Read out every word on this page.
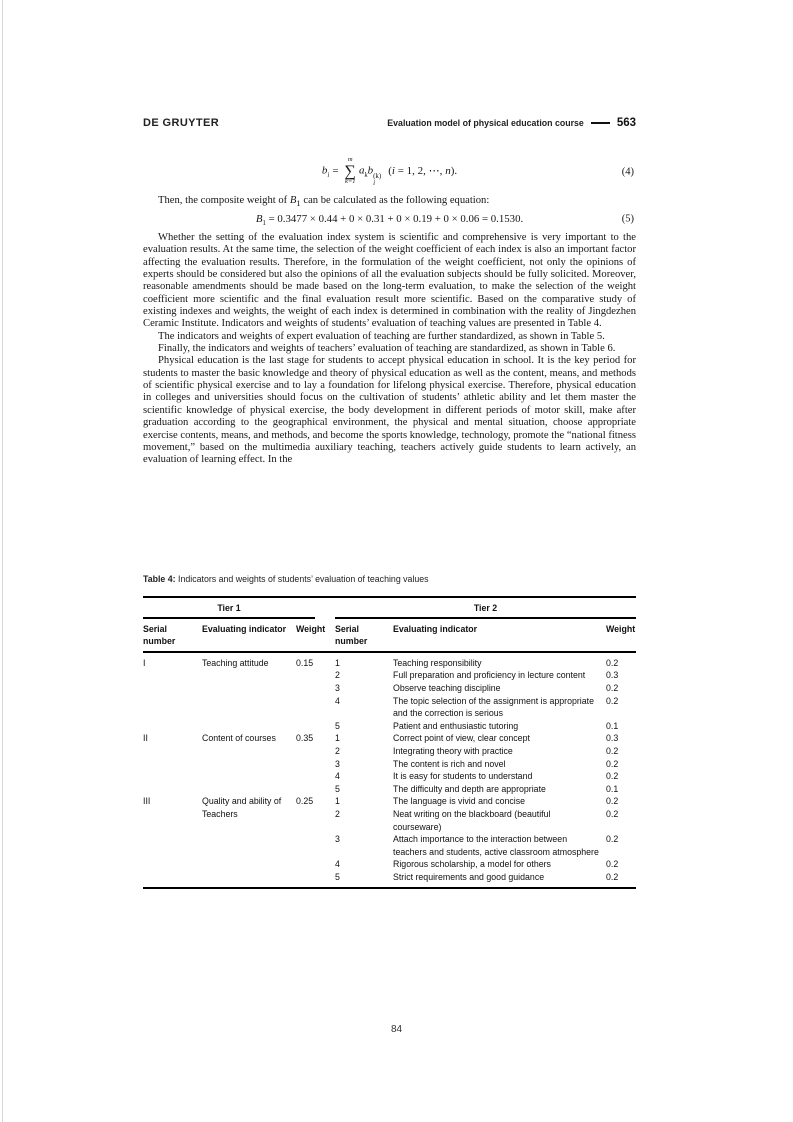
DE GRUYTER	Evaluation model of physical education course	563
$b_i$ =
m
∑
k=1
$a_kb$ (k)
i
(i = 1, 2, ⋯, n).	(4)

Then, the composite weight of $B_1$ can be calculated as the following equation:

$B_1 = 0.3477 \times 0.44 + 0 \times 0.31 + 0 \times 0.19 + 0 \times 0.06 = 0.1530$.	(5)

Whether the setting of the evaluation index system is scientific and comprehensive is very important to the evaluation results. At the same time, the selection of the weight coefficient of each index is also an important factor affecting the evaluation results. Therefore, in the formulation of the weight coefficient, not only the opinions of experts should be considered but also the opinions of all the evaluation subjects should be fully solicited. Moreover, reasonable amendments should be made based on the long-term evaluation, to make the selection of the weight coefficient more scientific and the final evaluation result more scientific. Based on the comparative study of existing indexes and weights, the weight of each index is determined in combination with the reality of Jingdezhen Ceramic Institute. Indicators and weights of students’ evaluation of teaching values are presented in Table 4.

The indicators and weights of expert evaluation of teaching are further standardized, as shown in Table 5.

Finally, the indicators and weights of teachers’ evaluation of teaching are standardized, as shown in Table 6.

Physical education is the last stage for students to accept physical education in school. It is the key period for students to master the basic knowledge and theory of physical education as well as the content, means, and methods of scientific physical exercise and to lay a foundation for lifelong physical exercise. Therefore, physical education in colleges and universities should focus on the cultivation of students’ athletic ability and let them master the scientific knowledge of physical exercise, the body development in different periods of motor skill, make after graduation according to the geographical environment, the physical and mental situation, choose appropriate exercise contents, means, and methods, and become the sports knowledge, technology, promote the “national fitness movement,” based on the multimedia auxiliary teaching, teachers actively guide students to learn actively, an evaluation of learning effect. In the

Table 4: Indicators and weights of students’ evaluation of teaching values

Tier 1			Tier 2		

Serial number	Evaluating indicator	Weight	Serial number	Evaluating indicator	Weight
I	Teaching attitude	0.15	1	Teaching responsibility	0.2
			2	Full preparation and proficiency in lecture content	0.3
			3	Observe teaching discipline	0.2
			4	The topic selection of the assignment is appropriate and the correction is serious	0.2
			5	Patient and enthusiastic tutoring	0.1
II	Content of courses	0.35	1	Correct point of view, clear concept	0.3
			2	Integrating theory with practice	0.2
			3	The content is rich and novel	0.2
			4	It is easy for students to understand	0.2
			5	The difficulty and depth are appropriate	0.1
III	Quality and ability of Teachers	0.25	1	The language is vivid and concise	0.2
			2	Neat writing on the blackboard (beautiful courseware)	0.2
			3	Attach importance to the interaction between teachers and students, active classroom atmosphere	0.2
			4	Rigorous scholarship, a model for others	0.2
			5	Strict requirements and good guidance	0.2
84
